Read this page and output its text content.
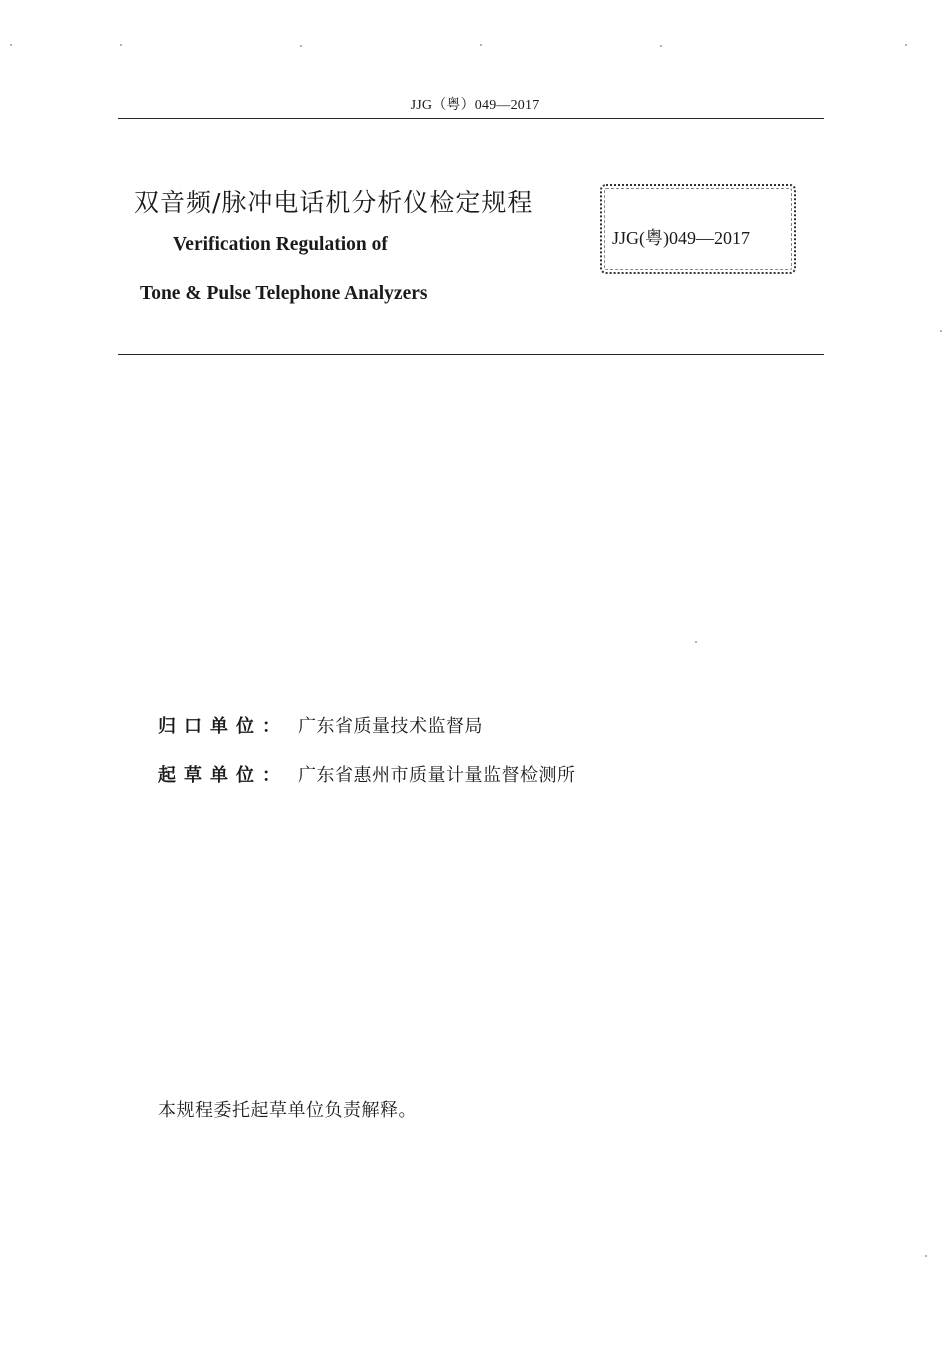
JJG（粤）049—2017
双音频/脉冲电话机分析仪检定规程
Verification Regulation of
Tone & Pulse Telephone Analyzers
JJG(粤)049—2017
归口单位： 广东省质量技术监督局
起草单位： 广东省惠州市质量计量监督检测所
本规程委托起草单位负责解释。
